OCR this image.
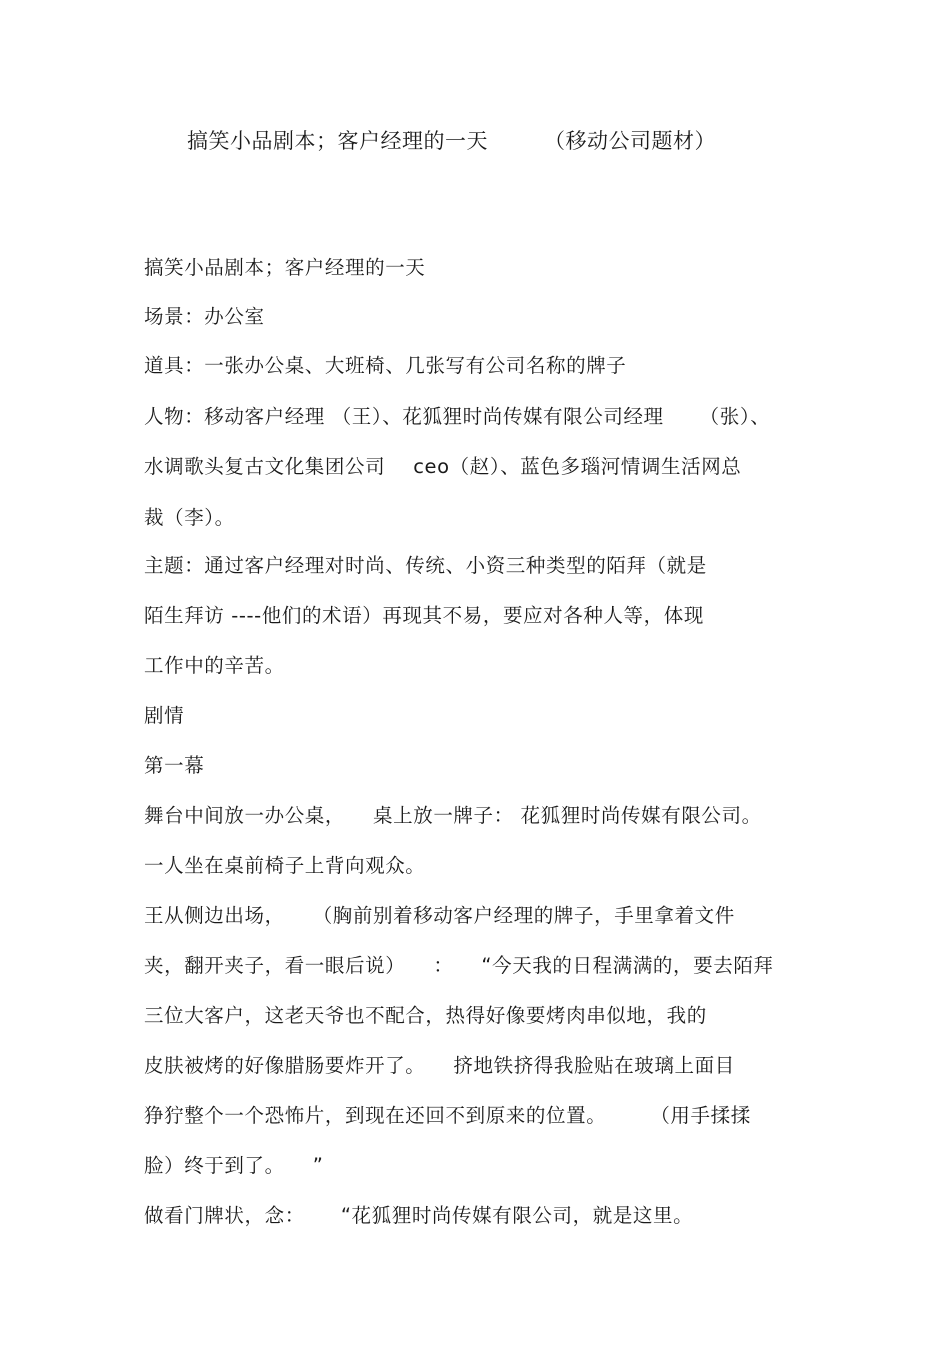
搞笑小品剧本；客户经理的一天	（移动公司题材）
搞笑小品剧本；客户经理的一天
场景：办公室
道具：一张办公桌、大班椅、几张写有公司名称的牌子
人物：移动客户经理 （王）、花狐狸时尚传媒有限公司经理 （张）、
水调歌头复古文化集团公司 ceo（赵）、蓝色多瑙河情调生活网总
裁（李）。
主题：通过客户经理对时尚、传统、小资三种类型的陌拜（就是
陌生拜访 ----他们的术语）再现其不易，要应对各种人等，体现
工作中的辛苦。
剧情
第一幕
舞台中间放一办公桌， 桌上放一牌子： 花狐狸时尚传媒有限公司。
一人坐在桌前椅子上背向观众。
王从侧边出场， （胸前别着移动客户经理的牌子，手里拿着文件
夹，翻开夹子，看一眼后说） ： “今天我的日程满满的，要去陌拜
三位大客户，这老天爷也不配合，热得好像要烤肉串似地，我的
皮肤被烤的好像腊肠要炸开了。 挤地铁挤得我脸贴在玻璃上面目
狰狞整个一个恐怖片，到现在还回不到原来的位置。 （用手揉揉
脸）终于到了。 ”
做看门牌状，念： “花狐狸时尚传媒有限公司，就是这里。
